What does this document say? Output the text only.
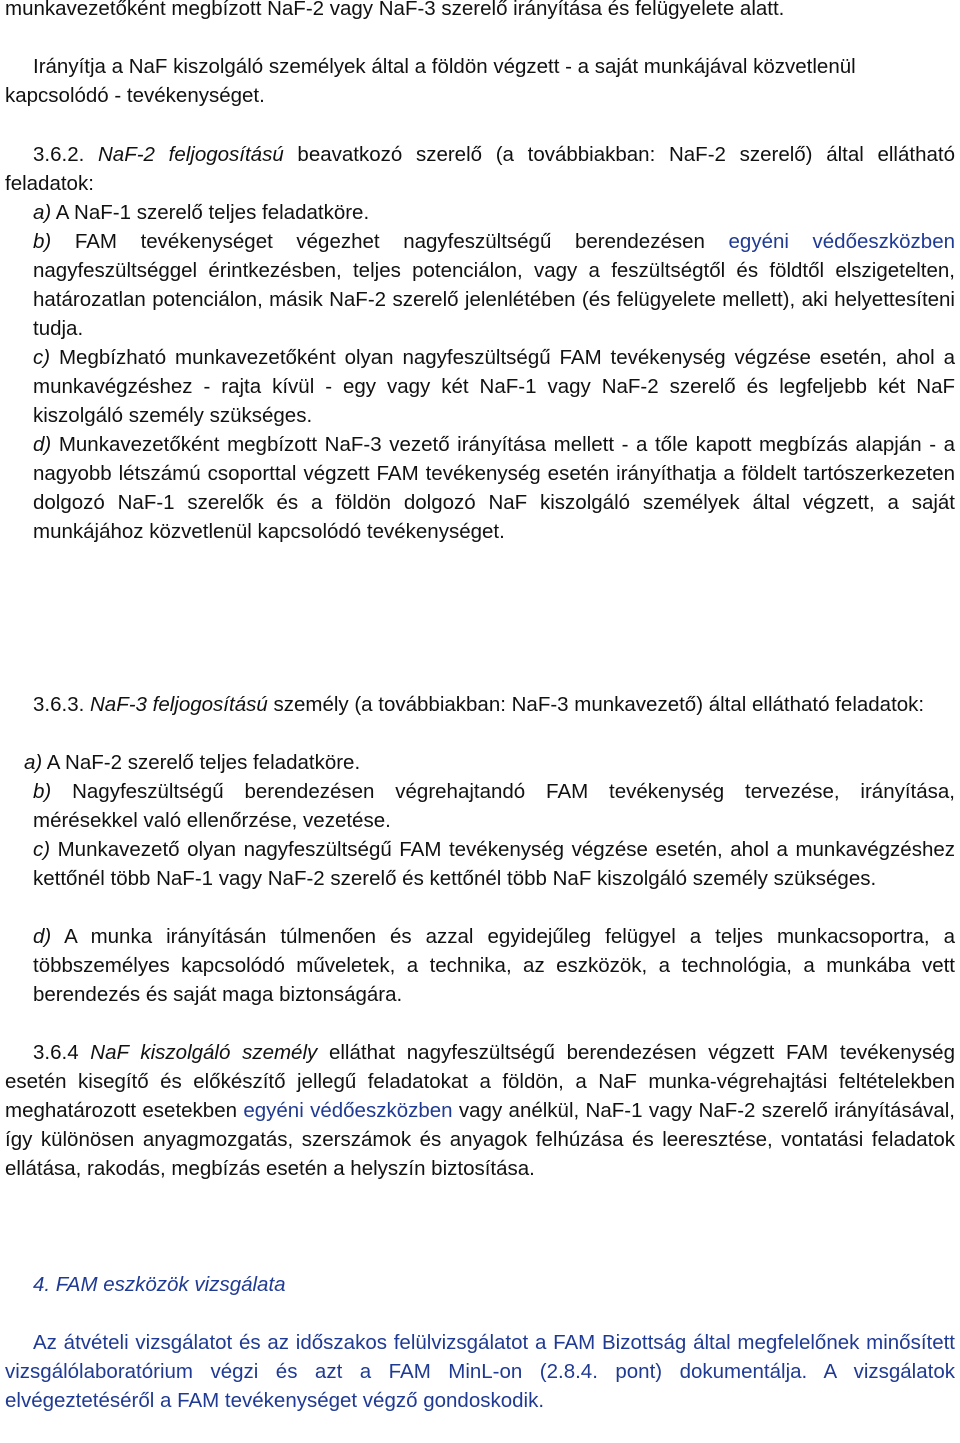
munkavezetőként megbízott NaF-2 vagy NaF-3 szerelő irányítása és felügyelete alatt.

Irányítja a NaF kiszolgáló személyek által a földön végzett - a saját munkájával közvetlenül kapcsolódó - tevékenységet.

3.6.2. NaF-2 feljogosítású beavatkozó szerelő (a továbbiakban: NaF-2 szerelő) által ellátható feladatok:

a) A NaF-1 szerelő teljes feladatköre.

b) FAM tevékenységet végezhet nagyfeszültségű berendezésen egyéni védőeszközben nagyfeszültséggel érintkezésben, teljes potenciálon, vagy a feszültségtől és földtől elszigetelten, határozatlan potenciálon, másik NaF-2 szerelő jelenlétében (és felügyelete mellett), aki helyettesíteni tudja.

c) Megbízható munkavezetőként olyan nagyfeszültségű FAM tevékenység végzése esetén, ahol a munkavégzéshez - rajta kívül - egy vagy két NaF-1 vagy NaF-2 szerelő és legfeljebb két NaF kiszolgáló személy szükséges.

d) Munkavezetőként megbízott NaF-3 vezető irányítása mellett - a tőle kapott megbízás alapján - a nagyobb létszámú csoporttal végzett FAM tevékenység esetén irányíthatja a földelt tartószerkezeten dolgozó NaF-1 szerelők és a földön dolgozó NaF kiszolgáló személyek által végzett, a saját munkájához közvetlenül kapcsolódó tevékenységet.

3.6.3. NaF-3 feljogosítású személy (a továbbiakban: NaF-3 munkavezető) által ellátható feladatok:

a) A NaF-2 szerelő teljes feladatköre.

b) Nagyfeszültségű berendezésen végrehajtandó FAM tevékenység tervezése, irányítása, mérésekkel való ellenőrzése, vezetése.

c) Munkavezető olyan nagyfeszültségű FAM tevékenység végzése esetén, ahol a munkavégzéshez kettőnél több NaF-1 vagy NaF-2 szerelő és kettőnél több NaF kiszolgáló személy szükséges.

d) A munka irányításán túlmenően és azzal egyidejűleg felügyel a teljes munkacsoportra, a többszemélyes kapcsolódó műveletek, a technika, az eszközök, a technológia, a munkába vett berendezés és saját maga biztonságára.

3.6.4 NaF kiszolgáló személy elláthat nagyfeszültségű berendezésen végzett FAM tevékenység esetén kisegítő és előkészítő jellegű feladatokat a földön, a NaF munka-végrehajtási feltételekben meghatározott esetekben egyéni védőeszközben vagy anélkül, NaF-1 vagy NaF-2 szerelő irányításával, így különösen anyagmozgatás, szerszámok és anyagok felhúzása és leeresztése, vontatási feladatok ellátása, rakodás, megbízás esetén a helyszín biztosítása.

4. FAM eszközök vizsgálata

Az átvételi vizsgálatot és az időszakos felülvizsgálatot a FAM Bizottság által megfelelőnek minősített vizsgálólaboratórium végzi és azt a FAM MinL-on (2.8.4. pont) dokumentálja. A vizsgálatok elvégeztetéséről a FAM tevékenységet végző gondoskodik.
